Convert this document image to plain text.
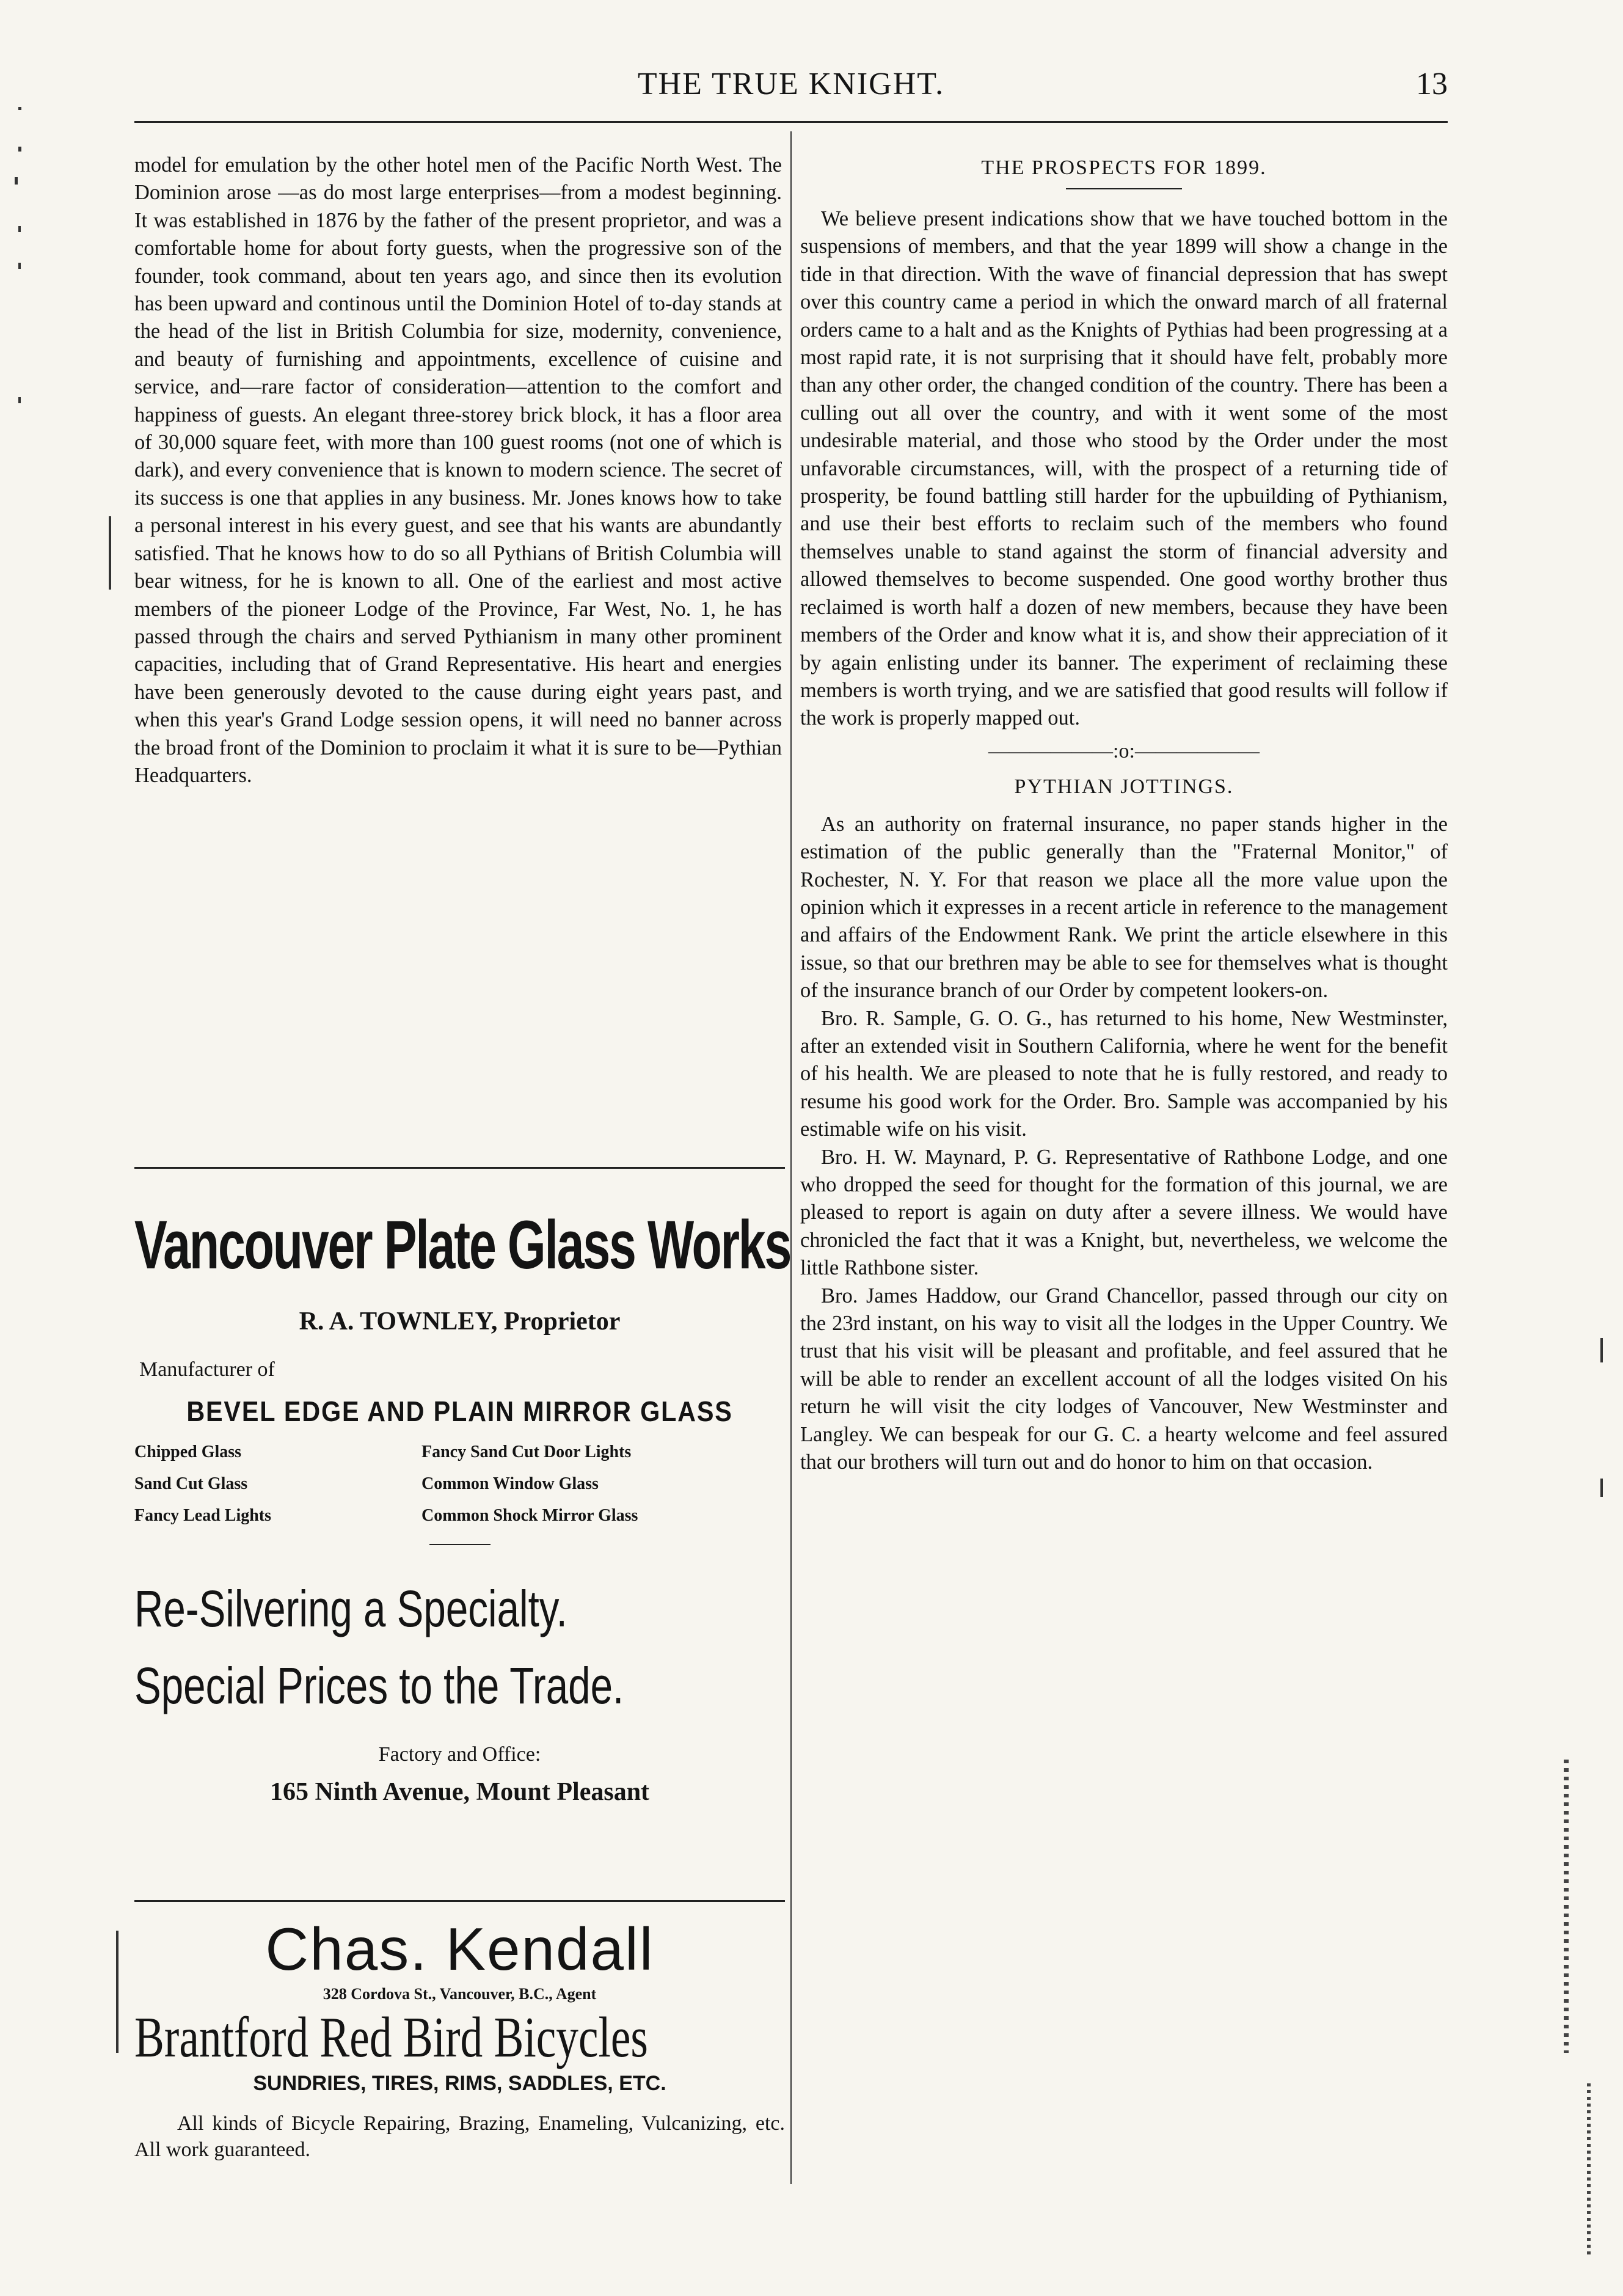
THE TRUE KNIGHT.	13

model for emulation by the other hotel men of the Pacific North West. The Dominion arose —as do most large enterprises—from a modest beginning. It was established in 1876 by the father of the present proprietor, and was a comfortable home for about forty guests, when the progressive son of the founder, took command, about ten years ago, and since then its evolution has been upward and continous until the Dominion Hotel of to-day stands at the head of the list in British Columbia for size, modernity, convenience, and beauty of furnishing and appointments, excellence of cuisine and service, and—rare factor of consideration—attention to the comfort and happiness of guests. An elegant three-storey brick block, it has a floor area of 30,000 square feet, with more than 100 guest rooms (not one of which is dark), and every convenience that is known to modern science. The secret of its success is one that applies in any business. Mr. Jones knows how to take a personal interest in his every guest, and see that his wants are abundantly satisfied. That he knows how to do so all Pythians of British Columbia will bear witness, for he is known to all. One of the earliest and most active members of the pioneer Lodge of the Province, Far West, No. 1, he has passed through the chairs and served Pythianism in many other prominent capacities, including that of Grand Representative. His heart and energies have been generously devoted to the cause during eight years past, and when this year's Grand Lodge session opens, it will need no banner across the broad front of the Dominion to proclaim it what it is sure to be—Pythian Headquarters.

Vancouver Plate Glass Works
R. A. TOWNLEY, Proprietor
Manufacturer of
BEVEL EDGE AND PLAIN MIRROR GLASS
Chipped Glass	Fancy Sand Cut Door Lights
Sand Cut Glass	Common Window Glass
Fancy Lead Lights	Common Shock Mirror Glass
Re-Silvering a Specialty.
Special Prices to the Trade.
Factory and Office:
165 Ninth Avenue, Mount Pleasant
Chas. Kendall
328 Cordova St., Vancouver, B.C., Agent
Brantford Red Bird Bicycles
SUNDRIES, TIRES, RIMS, SADDLES, ETC.
All kinds of Bicycle Repairing, Brazing, Enameling, Vulcanizing, etc. All work guaranteed.
THE PROSPECTS FOR 1899.

We believe present indications show that we have touched bottom in the suspensions of members, and that the year 1899 will show a change in the tide in that direction. With the wave of financial depression that has swept over this country came a period in which the onward march of all fraternal orders came to a halt and as the Knights of Pythias had been progressing at a most rapid rate, it is not surprising that it should have felt, probably more than any other order, the changed condition of the country. There has been a culling out all over the country, and with it went some of the most undesirable material, and those who stood by the Order under the most unfavorable circumstances, will, with the prospect of a returning tide of prosperity, be found battling still harder for the upbuilding of Pythianism, and use their best efforts to reclaim such of the members who found themselves unable to stand against the storm of financial adversity and allowed themselves to become suspended. One good worthy brother thus reclaimed is worth half a dozen of new members, because they have been members of the Order and know what it is, and show their appreciation of it by again enlisting under its banner. The experiment of reclaiming these members is worth trying, and we are satisfied that good results will follow if the work is properly mapped out.

——————:o:——————
PYTHIAN JOTTINGS.

As an authority on fraternal insurance, no paper stands higher in the estimation of the public generally than the "Fraternal Monitor," of Rochester, N. Y. For that reason we place all the more value upon the opinion which it expresses in a recent article in reference to the management and affairs of the Endowment Rank. We print the article elsewhere in this issue, so that our brethren may be able to see for themselves what is thought of the insurance branch of our Order by competent lookers-on.

Bro. R. Sample, G. O. G., has returned to his home, New Westminster, after an extended visit in Southern California, where he went for the benefit of his health. We are pleased to note that he is fully restored, and ready to resume his good work for the Order. Bro. Sample was accompanied by his estimable wife on his visit.

Bro. H. W. Maynard, P. G. Representative of Rathbone Lodge, and one who dropped the seed for thought for the formation of this journal, we are pleased to report is again on duty after a severe illness. We would have chronicled the fact that it was a Knight, but, nevertheless, we welcome the little Rathbone sister.

Bro. James Haddow, our Grand Chancellor, passed through our city on the 23rd instant, on his way to visit all the lodges in the Upper Country. We trust that his visit will be pleasant and profitable, and feel assured that he will be able to render an excellent account of all the lodges visited On his return he will visit the city lodges of Vancouver, New Westminster and Langley. We can bespeak for our G. C. a hearty welcome and feel assured that our brothers will turn out and do honor to him on that occasion.
